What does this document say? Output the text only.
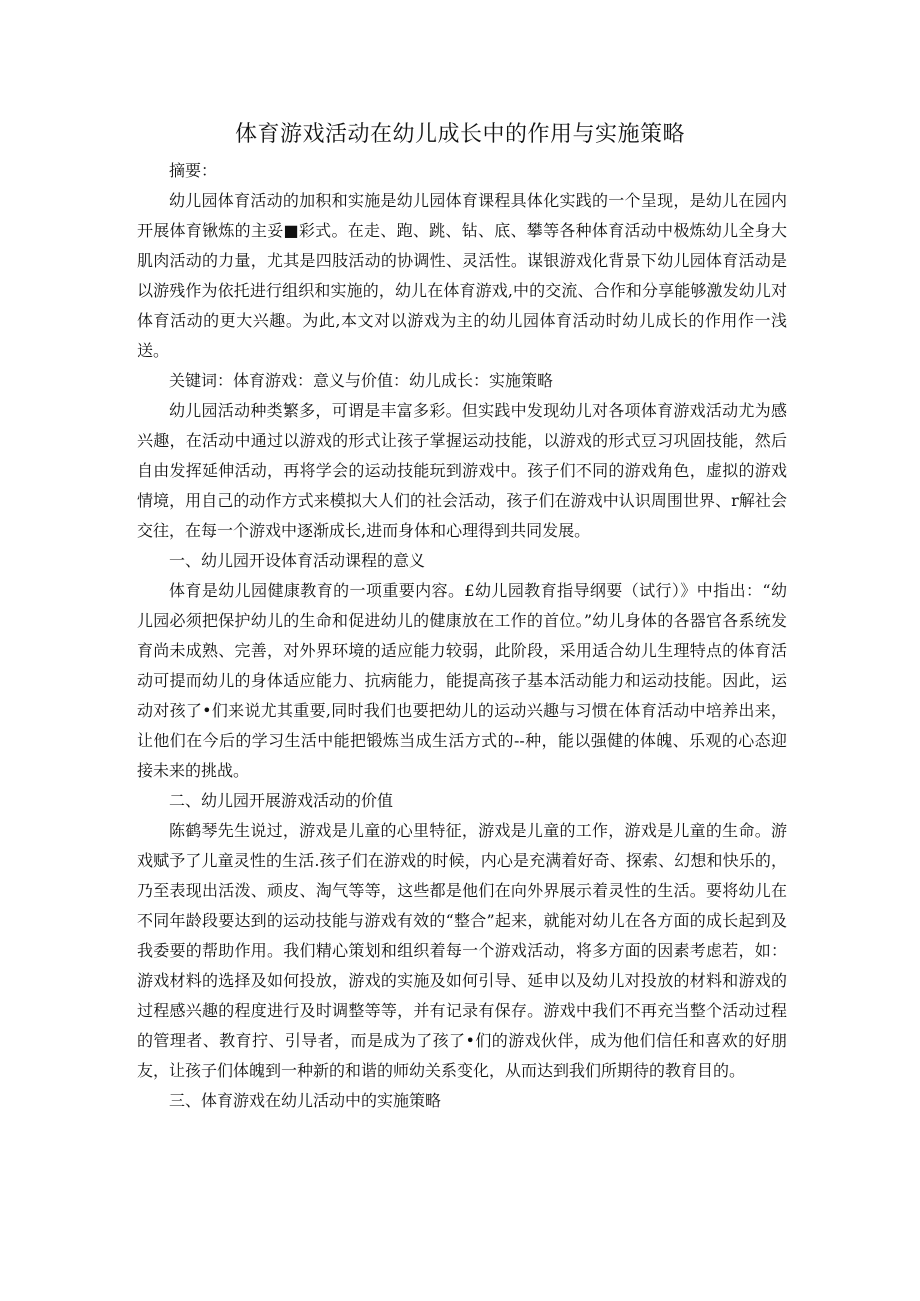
体育游戏活动在幼儿成长中的作用与实施策略

摘要：

幼儿园体育活动的加积和实施是幼儿园体育课程具体化实践的一个呈现，是幼儿在园内开展体育锹炼的主妥■彩式。在走、跑、跳、钻、底、攀等各种体育活动中极炼幼儿全身大肌肉活动的力量，尤其是四肢活动的协调性、灵活性。谋银游戏化背景下幼儿园体育活动是以游残作为依托进行组织和实施的，幼儿在体育游戏,中的交流、合作和分享能够激发幼儿对体育活动的更大兴趣。为此,本文对以游戏为主的幼儿园体育活动时幼儿成长的作用作一浅送。

关键词：体育游戏：意义与价值：幼儿成长：实施策略

幼儿园活动种类繁多，可谓是丰富多彩。但实践中发现幼儿对各项体育游戏活动尤为感兴趣，在活动中通过以游戏的形式让孩子掌握运动技能，以游戏的形式豆习巩固技能，然后自由发挥延伸活动，再将学会的运动技能玩到游戏中。孩子们不同的游戏角色，虚拟的游戏情境，用自己的动作方式来模拟大人们的社会活动，孩子们在游戏中认识周围世界、r解社会交往，在每一个游戏中逐渐成长,进而身体和心理得到共同发展。

一、幼儿园开设体育活动课程的意义

体育是幼儿园健康教育的一项重要内容。£幼儿园教育指导纲要（试行）》中指出：“幼儿园必须把保护幼儿的生命和促进幼儿的健康放在工作的首位。”幼儿身体的各器官各系统发育尚未成熟、完善，对外界环境的适应能力较弱，此阶段，采用适合幼儿生理特点的体育活动可提而幼儿的身体适应能力、抗病能力，能提高孩子基本活动能力和运动技能。因此，运动对孩了•们来说尤其重要,同时我们也要把幼儿的运动兴趣与习惯在体育活动中培养出来，让他们在今后的学习生活中能把锻炼当成生活方式的--种，能以强健的体魄、乐观的心态迎接未来的挑战。

二、幼儿园开展游戏活动的价值

陈鹤琴先生说过，游戏是儿童的心里特征，游戏是儿童的工作，游戏是儿童的生命。游戏赋予了儿童灵性的生活.孩子们在游戏的时候，内心是充满着好奇、探索、幻想和快乐的，乃至表现出活泼、顽皮、淘气等等，这些都是他们在向外界展示着灵性的生活。要将幼儿在不同年龄段要达到的运动技能与游戏有效的“整合”起来，就能对幼儿在各方面的成长起到及我委要的帮助作用。我们精心策划和组织着每一个游戏活动，将多方面的因素考虑若，如：游戏材料的选择及如何投放，游戏的实施及如何引导、延申以及幼儿对投放的材料和游戏的过程感兴趣的程度进行及时调整等等，并有记录有保存。游戏中我们不再充当整个活动过程的管理者、教育拧、引导者，而是成为了孩了•们的游戏伙伴，成为他们信任和喜欢的好朋友，让孩子们体魄到一种新的和谐的师幼关系变化，从而达到我们所期待的教育目的。

三、体育游戏在幼儿活动中的实施策略
